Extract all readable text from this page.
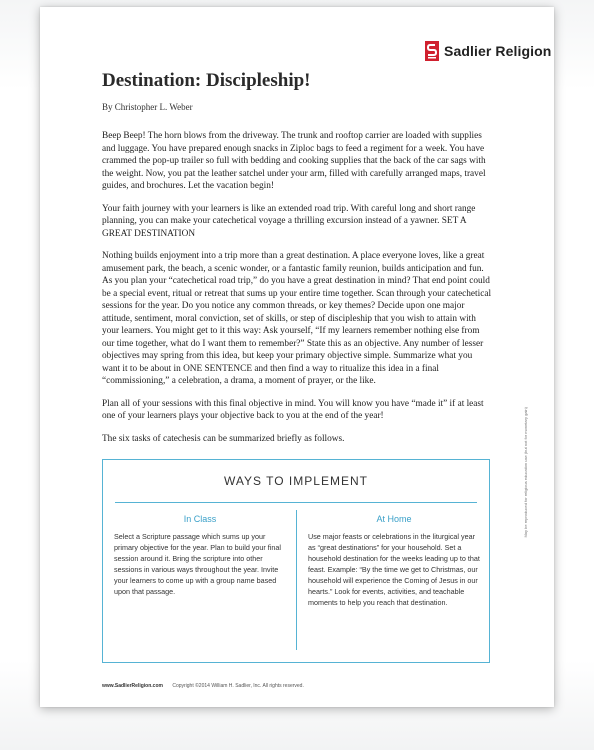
Sadlier Religion
Destination: Discipleship!
By Christopher L. Weber

Beep Beep! The horn blows from the driveway. The trunk and rooftop carrier are loaded with supplies and luggage. You have prepared enough snacks in Ziploc bags to feed a regiment for a week. You have crammed the pop-up trailer so full with bedding and cooking supplies that the back of the car sags with the weight. Now, you pat the leather satchel under your arm, filled with carefully arranged maps, travel guides, and brochures. Let the vacation begin!

Your faith journey with your learners is like an extended road trip. With careful long and short range planning, you can make your catechetical voyage a thrilling excursion instead of a yawner. SET A GREAT DESTINATION

Nothing builds enjoyment into a trip more than a great destination. A place everyone loves, like a great amusement park, the beach, a scenic wonder, or a fantastic family reunion, builds anticipation and fun. As you plan your “catechetical road trip,” do you have a great destination in mind? That end point could be a special event, ritual or retreat that sums up your entire time together. Scan through your catechetical sessions for the year. Do you notice any common threads, or key themes? Decide upon one major attitude, sentiment, moral conviction, set of skills, or step of discipleship that you wish to attain with your learners. You might get to it this way: Ask yourself, “If my learners remember nothing else from our time together, what do I want them to remember?” State this as an objective. Any number of lesser objectives may spring from this idea, but keep your primary objective simple. Summarize what you want it to be about in ONE SENTENCE and then find a way to ritualize this idea in a final “commissioning,” a celebration, a drama, a moment of prayer, or the like.

Plan all of your sessions with this final objective in mind. You will know you have “made it” if at least one of your learners plays your objective back to you at the end of the year!

The six tasks of catechesis can be summarized briefly as follows.

WAYS TO IMPLEMENT
In Class
Select a Scripture passage which sums up your primary objective for the year. Plan to build your final session around it. Bring the scripture into other sessions in various ways throughout the year. Invite your learners to come up with a group name based upon that passage.
At Home
Use major feasts or celebrations in the liturgical year as “great destinations” for your household. Set a household destination for the weeks leading up to that feast. Example: “By the time we get to Christmas, our household will experience the Coming of Jesus in our hearts.” Look for events, activities, and teachable moments to help you reach that destination.
www.SadlierReligion.com Copyright ©2014 William H. Sadlier, Inc. All rights reserved.
May be reproduced for religious education use (but not for monetary gain)
